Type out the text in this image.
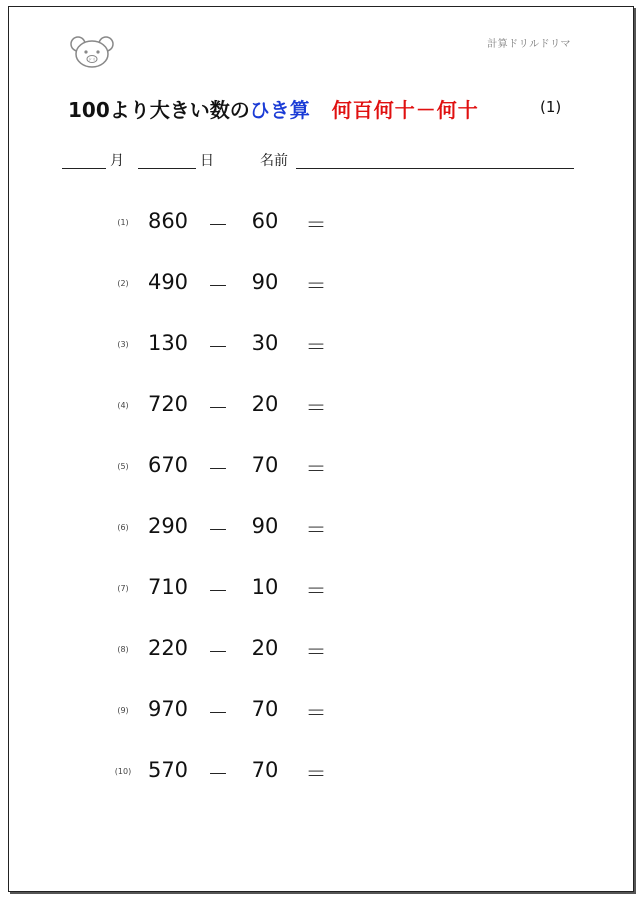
ドリ
計算ドリルドリマ
100より大きい数のひき算 何百何十－何十	(1)
月	日	名前
(1) 860 － 60 ＝
(2) 490 － 90 ＝
(3) 130 － 30 ＝
(4) 720 － 20 ＝
(5) 670 － 70 ＝
(6) 290 － 90 ＝
(7) 710 － 10 ＝
(8) 220 － 20 ＝
(9) 970 － 70 ＝
(10) 570 － 70 ＝
